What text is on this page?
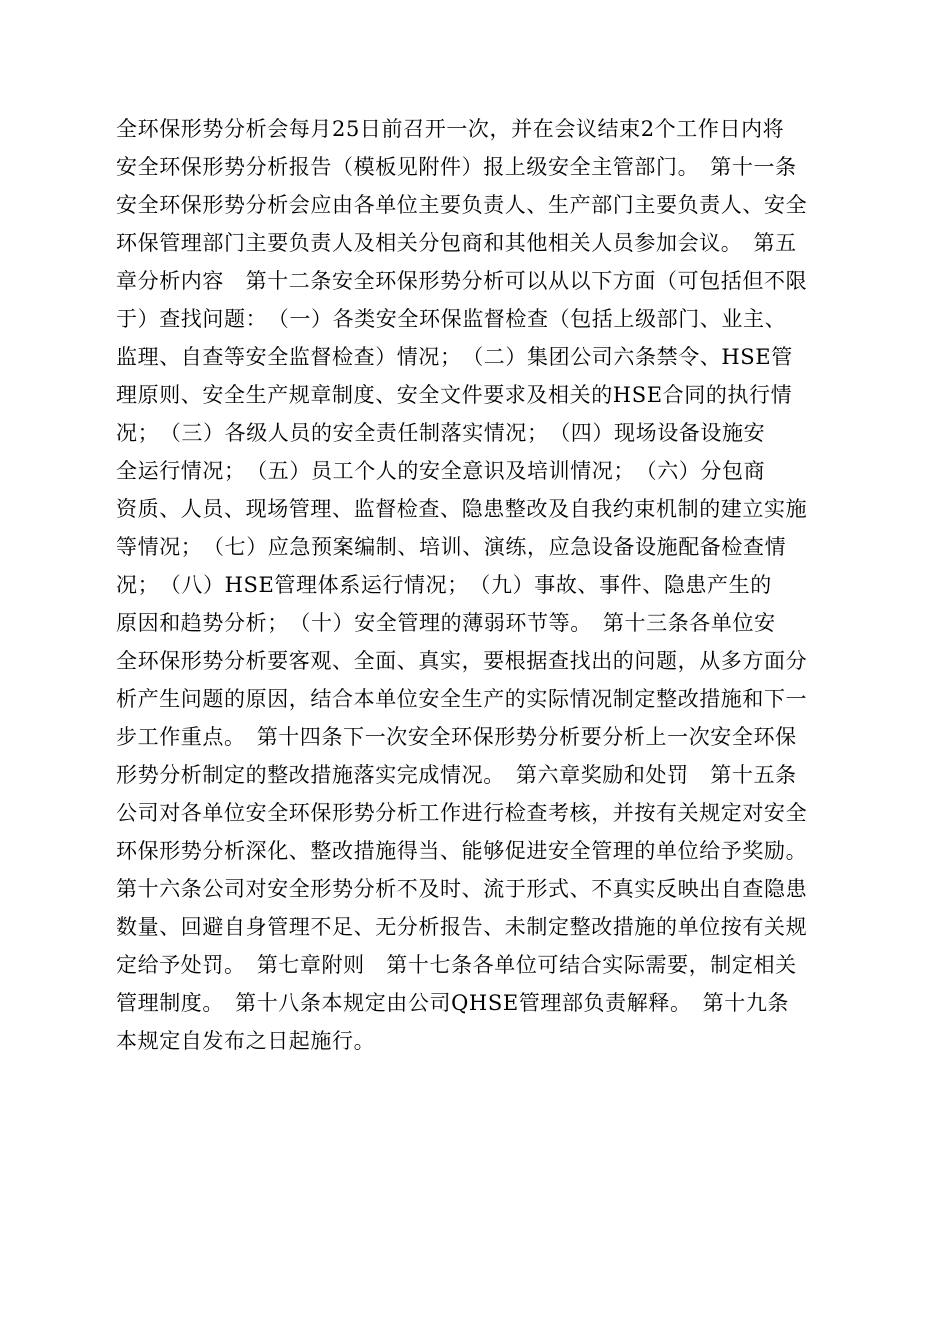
全环保形势分析会每月25日前召开一次，并在会议结束2个工作日内将
安全环保形势分析报告（模板见附件）报上级安全主管部门。　第十一条
安全环保形势分析会应由各单位主要负责人、生产部门主要负责人、安全
环保管理部门主要负责人及相关分包商和其他相关人员参加会议。　第五
章分析内容　第十二条安全环保形势分析可以从以下方面（可包括但不限
于）查找问题：　（一）各类安全环保监督检查（包括上级部门、业主、
监理、自查等安全监督检查）情况；　（二）集团公司六条禁令、HSE管
理原则、安全生产规章制度、安全文件要求及相关的HSE合同的执行情
况；　（三）各级人员的安全责任制落实情况；　（四）现场设备设施安
全运行情况；　（五）员工个人的安全意识及培训情况；　（六）分包商
资质、人员、现场管理、监督检查、隐患整改及自我约束机制的建立实施
等情况；　（七）应急预案编制、培训、演练，应急设备设施配备检查情
况；　（八）HSE管理体系运行情况；　（九）事故、事件、隐患产生的
原因和趋势分析；　（十）安全管理的薄弱环节等。　第十三条各单位安
全环保形势分析要客观、全面、真实，要根据查找出的问题，从多方面分
析产生问题的原因，结合本单位安全生产的实际情况制定整改措施和下一
步工作重点。　第十四条下一次安全环保形势分析要分析上一次安全环保
形势分析制定的整改措施落实完成情况。　第六章奖励和处罚　第十五条
公司对各单位安全环保形势分析工作进行检查考核，并按有关规定对安全
环保形势分析深化、整改措施得当、能够促进安全管理的单位给予奖励。
第十六条公司对安全形势分析不及时、流于形式、不真实反映出自查隐患
数量、回避自身管理不足、无分析报告、未制定整改措施的单位按有关规
定给予处罚。　第七章附则　第十七条各单位可结合实际需要，制定相关
管理制度。　第十八条本规定由公司QHSE管理部负责解释。　第十九条
本规定自发布之日起施行。
